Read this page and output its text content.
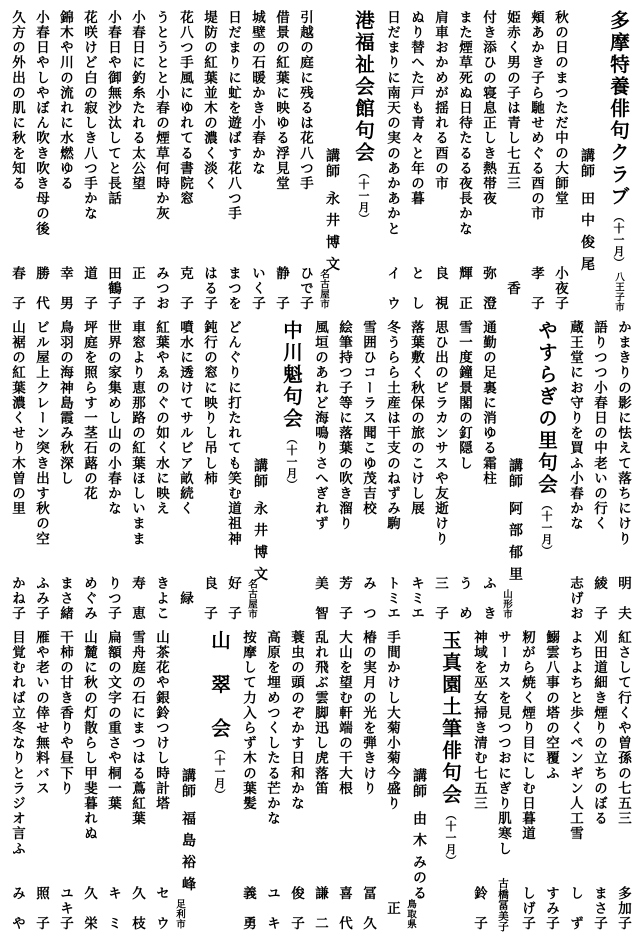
多摩特養俳句クラブ︵十一月︶八王子市
講師田 中 俊 尾
秋の日のまつただ中の大師堂
小夜子
頬あかき子ら馳せめぐる酉の市
孝　子
姫赤く男の子は青し七五三
香　
付き添ひの寝息正しき熱帯夜
弥　澄
また煙草死ぬ日待たるる夜長かな
輝　正
肩車おかめが揺れる酉の市
良　視
ぬり替へた戸も青々と年の暮
と　し
日だまりに南天の実のあかあかと
イ　ウ
港福祉会館句会︵十一月︶
講師永 井 博 文
名古屋市
引越の庭に残るは花八つ手
ひで子
借景の紅葉に映ゆる浮見堂
静　子
城壁の石暖かき小春かな
いく子
日だまりに虻を遊ばす花八つ手
まつを
堤防の紅葉並木の濃く淡く
はる子
花八つ手風にゆれてる書院窓
克　子
うとうとと小春の煙草何時か灰
みつお
小春日に釣糸たれる太公望
正　子
小春日や御無沙汰してと長話
田鶴子
花咲けど白の寂しき八つ手かな
道　子
錦木や川の流れに水燃ゆる
幸　男
小春日やしやぼん吹き吹き母の後
勝　代
久方の外出の肌に秋を知る
春　子
かまきりの影に怯えて落ちにけり
明　夫
語りつつ小春日の中老いの行く
綾　子
蔵王堂にお守りを買ふ小春かな
志げお
やすらぎの里句会︵十一月︶
講師阿 部 郁 里
山形市
通勤の足裏に消ゆる霜柱
ふ　き
雪一度鐘景閣の釘隠し
う　め
思ひ出のピラカンサスや友逝けり
三　子
落葉敷く秋保の旅のこけし展
キミエ
冬うらら土産は干支のねずみ駒
トミエ
雪囲ひコーラス聞こゆ茂吉校
み　つ
絵筆持つ子等に落葉の吹き溜り
芳　子
風垣のあれど海鳴りさへぎれず
美　智
中川魁句会︵十一月︶
講師永 井 博 文
名古屋市
どんぐりに打たれても笑む道祖神
好　子
鈍行の窓に映りし吊し柿
良　子
噴水に透けてサルビア畝続く
緑　
紅葉やゑのぐの如く水に映え
きよこ
車窓より恵那路の紅葉ほしいまま
寿　恵
世界の家集めし山の小春かな
りつ子
坪庭を照らす一茎石蕗の花
めぐみ
鳥羽の海神島霞み秋深し
まさ緒
ビル屋上クレーン突き出す秋の空
ふみ子
山裾の紅葉濃くせり木曽の里
かね子
紅さして行くや曽孫の七五三
多加子
刈田道細き煙りの立ちのぼる
まさ子
よちよちと歩くペンギン人工雪
し　ず
鰯雲八事の塔の空覆ふ
すみ子
籾がら焼く煙り目にしむ日暮道
しげ子
サーカスを見つつおにぎり肌寒し
古橋冨美子
神域を巫女掃き清む七五三
鈴　子
玉真園土筆俳句会︵十一月︶
講師由 木 みのる
鳥取県
手間かけし大菊小菊今盛り
正　
椿の実月の光を弾きけり
冨　久
大山を望む軒端の干大根
喜　代
乱れ飛ぶ雲脚迅し虎落笛
謙　二
蓑虫の頭のぞかす日和かな
俊　子
高原を埋めつくしたる芒かな
ユ　キ
按摩して力入らず木の葉髪
義　勇
山　翠　会︵十一月︶
講師福 島 裕 峰
足利市
山茶花や銀鈴つけし時計塔
セ　ウ
雪舟庭の石にまつはる蔦紅葉
久　枝
扁額の文字の重さや桐一葉
キ　ミ
山麓に秋の灯散らし甲斐暮れぬ
久　栄
干柿の甘き香りや昼下り
ユキ子
雁や老いの倖せ無料バス
照　子
目覚むれば立冬なりとラジオ言ふ
み　や
